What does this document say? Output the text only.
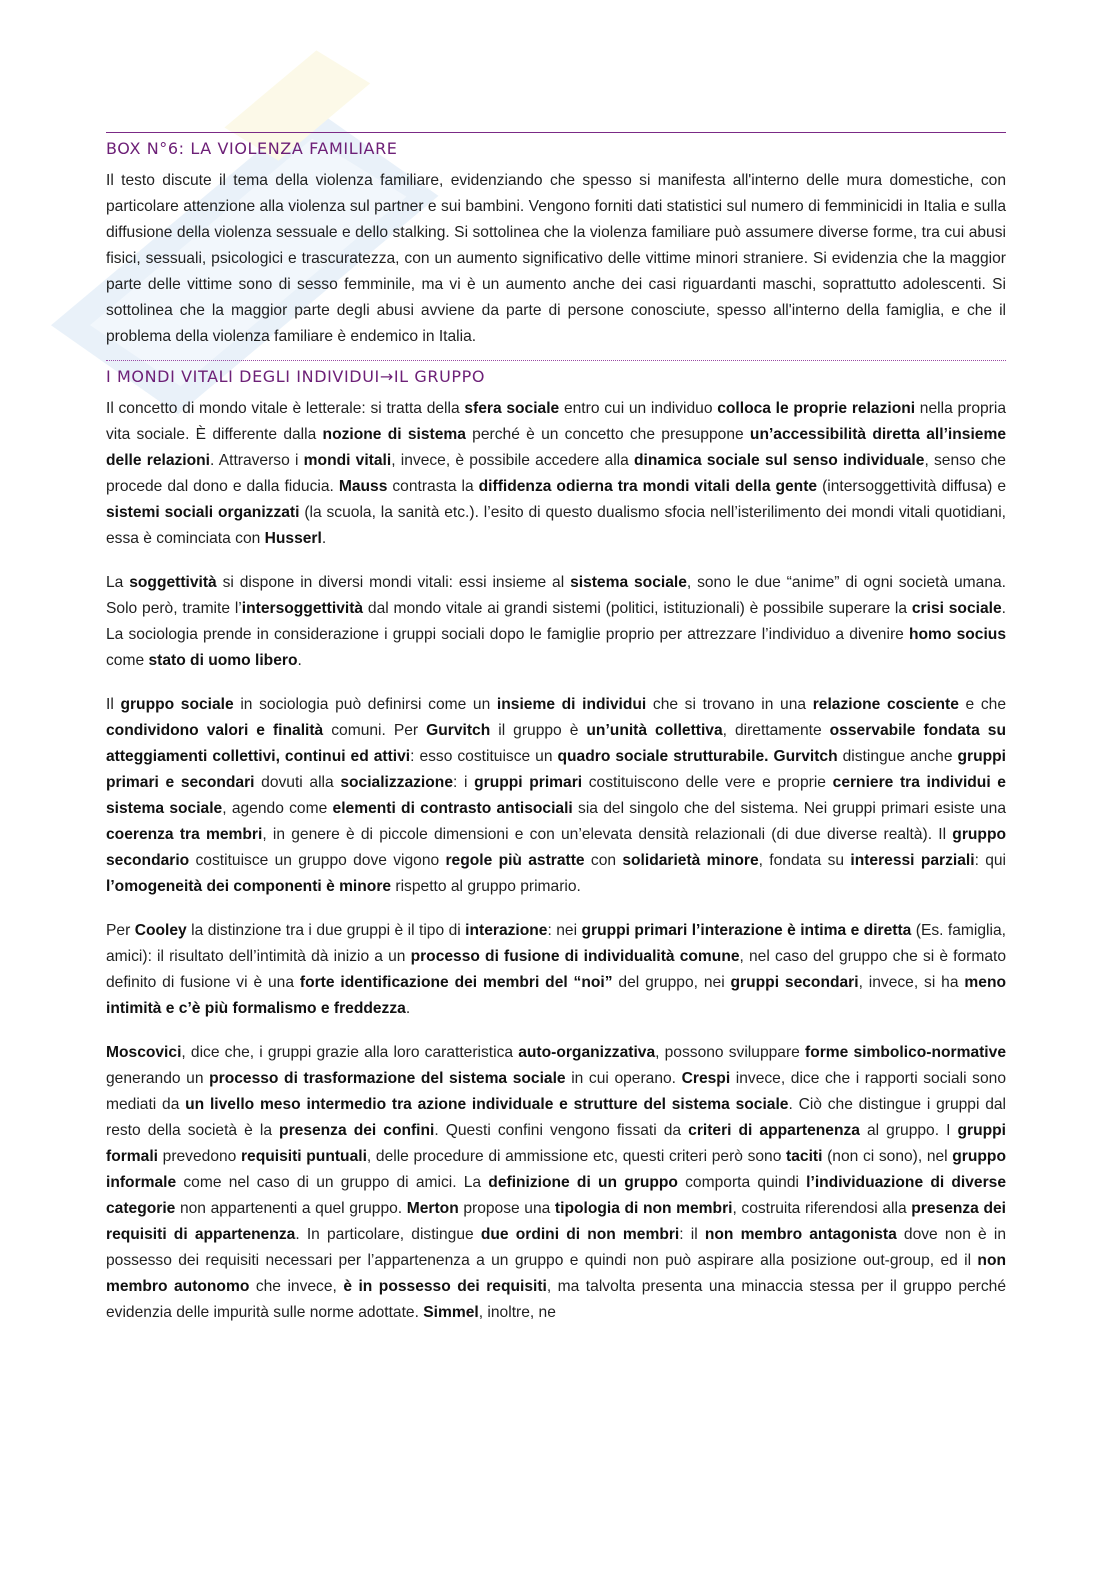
BOX N°6: LA VIOLENZA FAMILIARE

Il testo discute il tema della violenza familiare, evidenziando che spesso si manifesta all'interno delle mura domestiche, con particolare attenzione alla violenza sul partner e sui bambini. Vengono forniti dati statistici sul numero di femminicidi in Italia e sulla diffusione della violenza sessuale e dello stalking. Si sottolinea che la violenza familiare può assumere diverse forme, tra cui abusi fisici, sessuali, psicologici e trascuratezza, con un aumento significativo delle vittime minori straniere. Si evidenzia che la maggior parte delle vittime sono di sesso femminile, ma vi è un aumento anche dei casi riguardanti maschi, soprattutto adolescenti. Si sottolinea che la maggior parte degli abusi avviene da parte di persone conosciute, spesso all'interno della famiglia, e che il problema della violenza familiare è endemico in Italia.

I MONDI VITALI DEGLI INDIVIDUI→IL GRUPPO

Il concetto di mondo vitale è letterale: si tratta della sfera sociale entro cui un individuo colloca le proprie relazioni nella propria vita sociale. È differente dalla nozione di sistema perché è un concetto che presuppone un’accessibilità diretta all’insieme delle relazioni. Attraverso i mondi vitali, invece, è possibile accedere alla dinamica sociale sul senso individuale, senso che procede dal dono e dalla fiducia. Mauss contrasta la diffidenza odierna tra mondi vitali della gente (intersoggettività diffusa) e sistemi sociali organizzati (la scuola, la sanità etc.). l’esito di questo dualismo sfocia nell’isterilimento dei mondi vitali quotidiani, essa è cominciata con Husserl.

La soggettività si dispone in diversi mondi vitali: essi insieme al sistema sociale, sono le due “anime” di ogni società umana. Solo però, tramite l’intersoggettività dal mondo vitale ai grandi sistemi (politici, istituzionali) è possibile superare la crisi sociale. La sociologia prende in considerazione i gruppi sociali dopo le famiglie proprio per attrezzare l’individuo a divenire homo socius come stato di uomo libero.

Il gruppo sociale in sociologia può definirsi come un insieme di individui che si trovano in una relazione cosciente e che condividono valori e finalità comuni. Per Gurvitch il gruppo è un’unità collettiva, direttamente osservabile fondata su atteggiamenti collettivi, continui ed attivi: esso costituisce un quadro sociale strutturabile. Gurvitch distingue anche gruppi primari e secondari dovuti alla socializzazione: i gruppi primari costituiscono delle vere e proprie cerniere tra individui e sistema sociale, agendo come elementi di contrasto antisociali sia del singolo che del sistema. Nei gruppi primari esiste una coerenza tra membri, in genere è di piccole dimensioni e con un’elevata densità relazionali (di due diverse realtà). Il gruppo secondario costituisce un gruppo dove vigono regole più astratte con solidarietà minore, fondata su interessi parziali: qui l’omogeneità dei componenti è minore rispetto al gruppo primario.

Per Cooley la distinzione tra i due gruppi è il tipo di interazione: nei gruppi primari l’interazione è intima e diretta (Es. famiglia, amici): il risultato dell’intimità dà inizio a un processo di fusione di individualità comune, nel caso del gruppo che si è formato definito di fusione vi è una forte identificazione dei membri del “noi” del gruppo, nei gruppi secondari, invece, si ha meno intimità e c’è più formalismo e freddezza.

Moscovici, dice che, i gruppi grazie alla loro caratteristica auto-organizzativa, possono sviluppare forme simbolico-normative generando un processo di trasformazione del sistema sociale in cui operano. Crespi invece, dice che i rapporti sociali sono mediati da un livello meso intermedio tra azione individuale e strutture del sistema sociale. Ciò che distingue i gruppi dal resto della società è la presenza dei confini. Questi confini vengono fissati da criteri di appartenenza al gruppo. I gruppi formali prevedono requisiti puntuali, delle procedure di ammissione etc, questi criteri però sono taciti (non ci sono), nel gruppo informale come nel caso di un gruppo di amici. La definizione di un gruppo comporta quindi l’individuazione di diverse categorie non appartenenti a quel gruppo. Merton propose una tipologia di non membri, costruita riferendosi alla presenza dei requisiti di appartenenza. In particolare, distingue due ordini di non membri: il non membro antagonista dove non è in possesso dei requisiti necessari per l’appartenenza a un gruppo e quindi non può aspirare alla posizione out-group, ed il non membro autonomo che invece, è in possesso dei requisiti, ma talvolta presenta una minaccia stessa per il gruppo perché evidenzia delle impurità sulle norme adottate. Simmel, inoltre, ne
